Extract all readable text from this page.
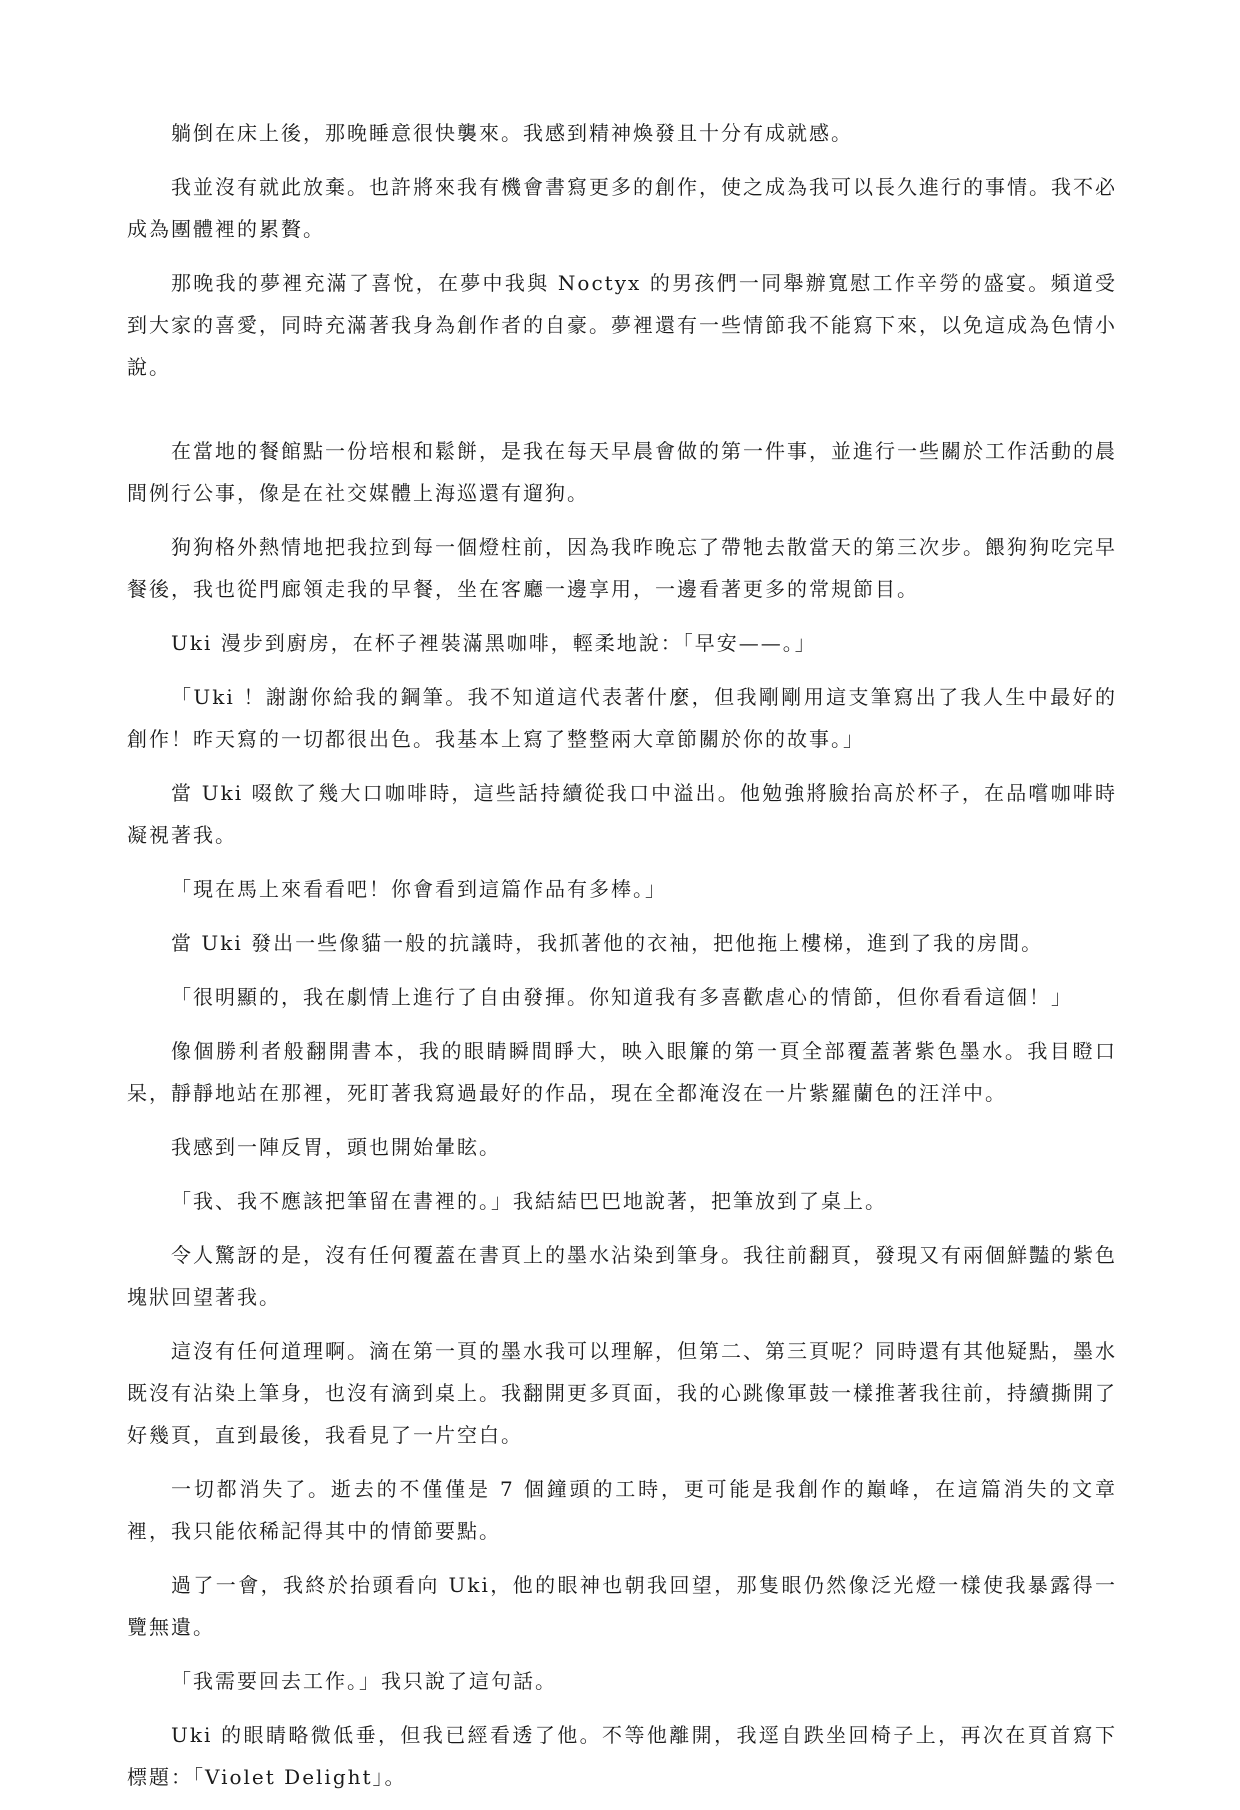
躺倒在床上後，那晚睡意很快襲來。我感到精神煥發且十分有成就感。

我並沒有就此放棄。也許將來我有機會書寫更多的創作，使之成為我可以長久進行的事情。我不必成為團體裡的累贅。

那晚我的夢裡充滿了喜悅，在夢中我與 Noctyx 的男孩們一同舉辦寬慰工作辛勞的盛宴。頻道受到大家的喜愛，同時充滿著我身為創作者的自豪。夢裡還有一些情節我不能寫下來，以免這成為色情小說。

在當地的餐館點一份培根和鬆餅，是我在每天早晨會做的第一件事，並進行一些關於工作活動的晨間例行公事，像是在社交媒體上海巡還有遛狗。

狗狗格外熱情地把我拉到每一個燈柱前，因為我昨晚忘了帶牠去散當天的第三次步。餵狗狗吃完早餐後，我也從門廊領走我的早餐，坐在客廳一邊享用，一邊看著更多的常規節目。

Uki 漫步到廚房，在杯子裡裝滿黑咖啡，輕柔地說：「早安——。」

「Uki ！謝謝你給我的鋼筆。我不知道這代表著什麼，但我剛剛用這支筆寫出了我人生中最好的創作！昨天寫的一切都很出色。我基本上寫了整整兩大章節關於你的故事。」

當 Uki 啜飲了幾大口咖啡時，這些話持續從我口中溢出。他勉強將臉抬高於杯子，在品嚐咖啡時凝視著我。

「現在馬上來看看吧！你會看到這篇作品有多棒。」

當 Uki 發出一些像貓一般的抗議時，我抓著他的衣袖，把他拖上樓梯，進到了我的房間。

「很明顯的，我在劇情上進行了自由發揮。你知道我有多喜歡虐心的情節，但你看看這個！」

像個勝利者般翻開書本，我的眼睛瞬間睜大，映入眼簾的第一頁全部覆蓋著紫色墨水。我目瞪口呆，靜靜地站在那裡，死盯著我寫過最好的作品，現在全都淹沒在一片紫羅蘭色的汪洋中。

我感到一陣反胃，頭也開始暈眩。

「我、我不應該把筆留在書裡的。」我結結巴巴地說著，把筆放到了桌上。

令人驚訝的是，沒有任何覆蓋在書頁上的墨水沾染到筆身。我往前翻頁，發現又有兩個鮮豔的紫色塊狀回望著我。

這沒有任何道理啊。滴在第一頁的墨水我可以理解，但第二、第三頁呢？同時還有其他疑點，墨水既沒有沾染上筆身，也沒有滴到桌上。我翻開更多頁面，我的心跳像軍鼓一樣推著我往前，持續撕開了好幾頁，直到最後，我看見了一片空白。

一切都消失了。逝去的不僅僅是 7 個鐘頭的工時，更可能是我創作的巔峰，在這篇消失的文章裡，我只能依稀記得其中的情節要點。

過了一會，我終於抬頭看向 Uki，他的眼神也朝我回望，那隻眼仍然像泛光燈一樣使我暴露得一覽無遺。

「我需要回去工作。」我只說了這句話。

Uki 的眼睛略微低垂，但我已經看透了他。不等他離開，我逕自跌坐回椅子上，再次在頁首寫下標題：「Violet Delight」。
